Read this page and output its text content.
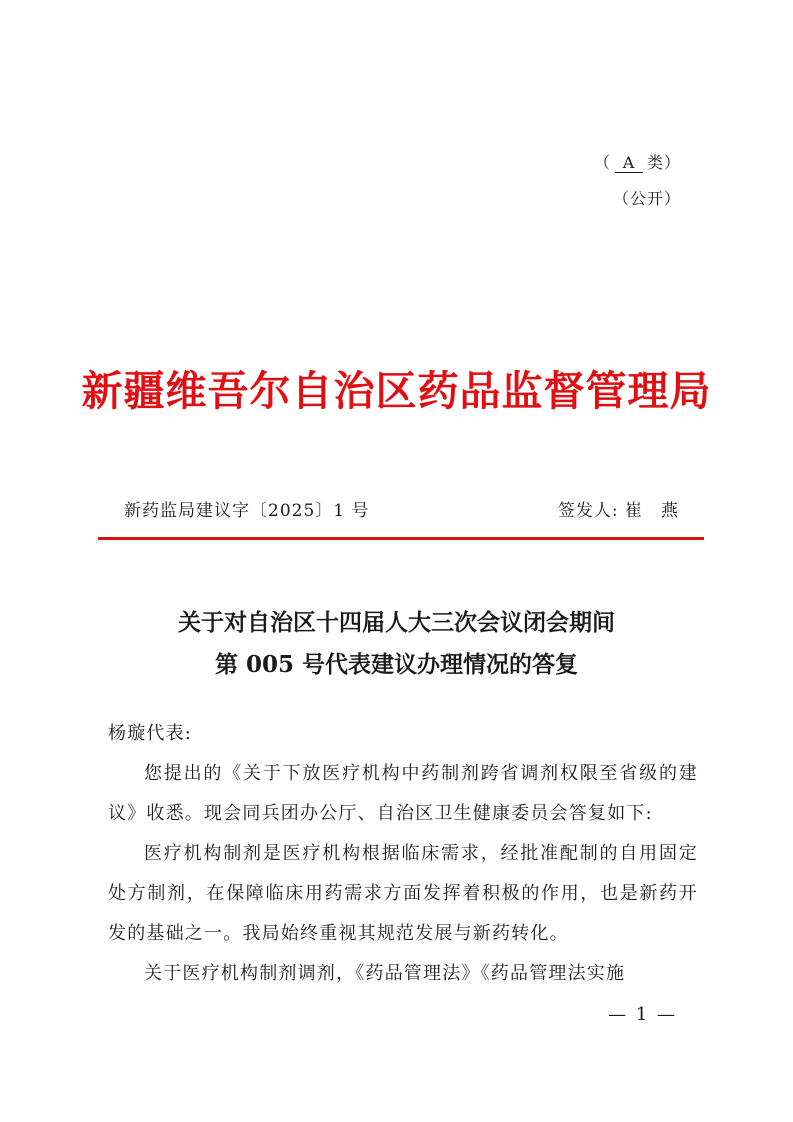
（ A 类）
（公开）
新疆维吾尔自治区药品监督管理局
新药监局建议字〔2025〕1 号	签发人: 崔　燕
关于对自治区十四届人大三次会议闭会期间
第 005 号代表建议办理情况的答复

杨璇代表:

您提出的《关于下放医疗机构中药制剂跨省调剂权限至省级的建议》收悉。现会同兵团办公厅、自治区卫生健康委员会答复如下:

医疗机构制剂是医疗机构根据临床需求，经批准配制的自用固定处方制剂，在保障临床用药需求方面发挥着积极的作用，也是新药开发的基础之一。我局始终重视其规范发展与新药转化。

关于医疗机构制剂调剂，《药品管理法》《药品管理法实施

— 1 —
